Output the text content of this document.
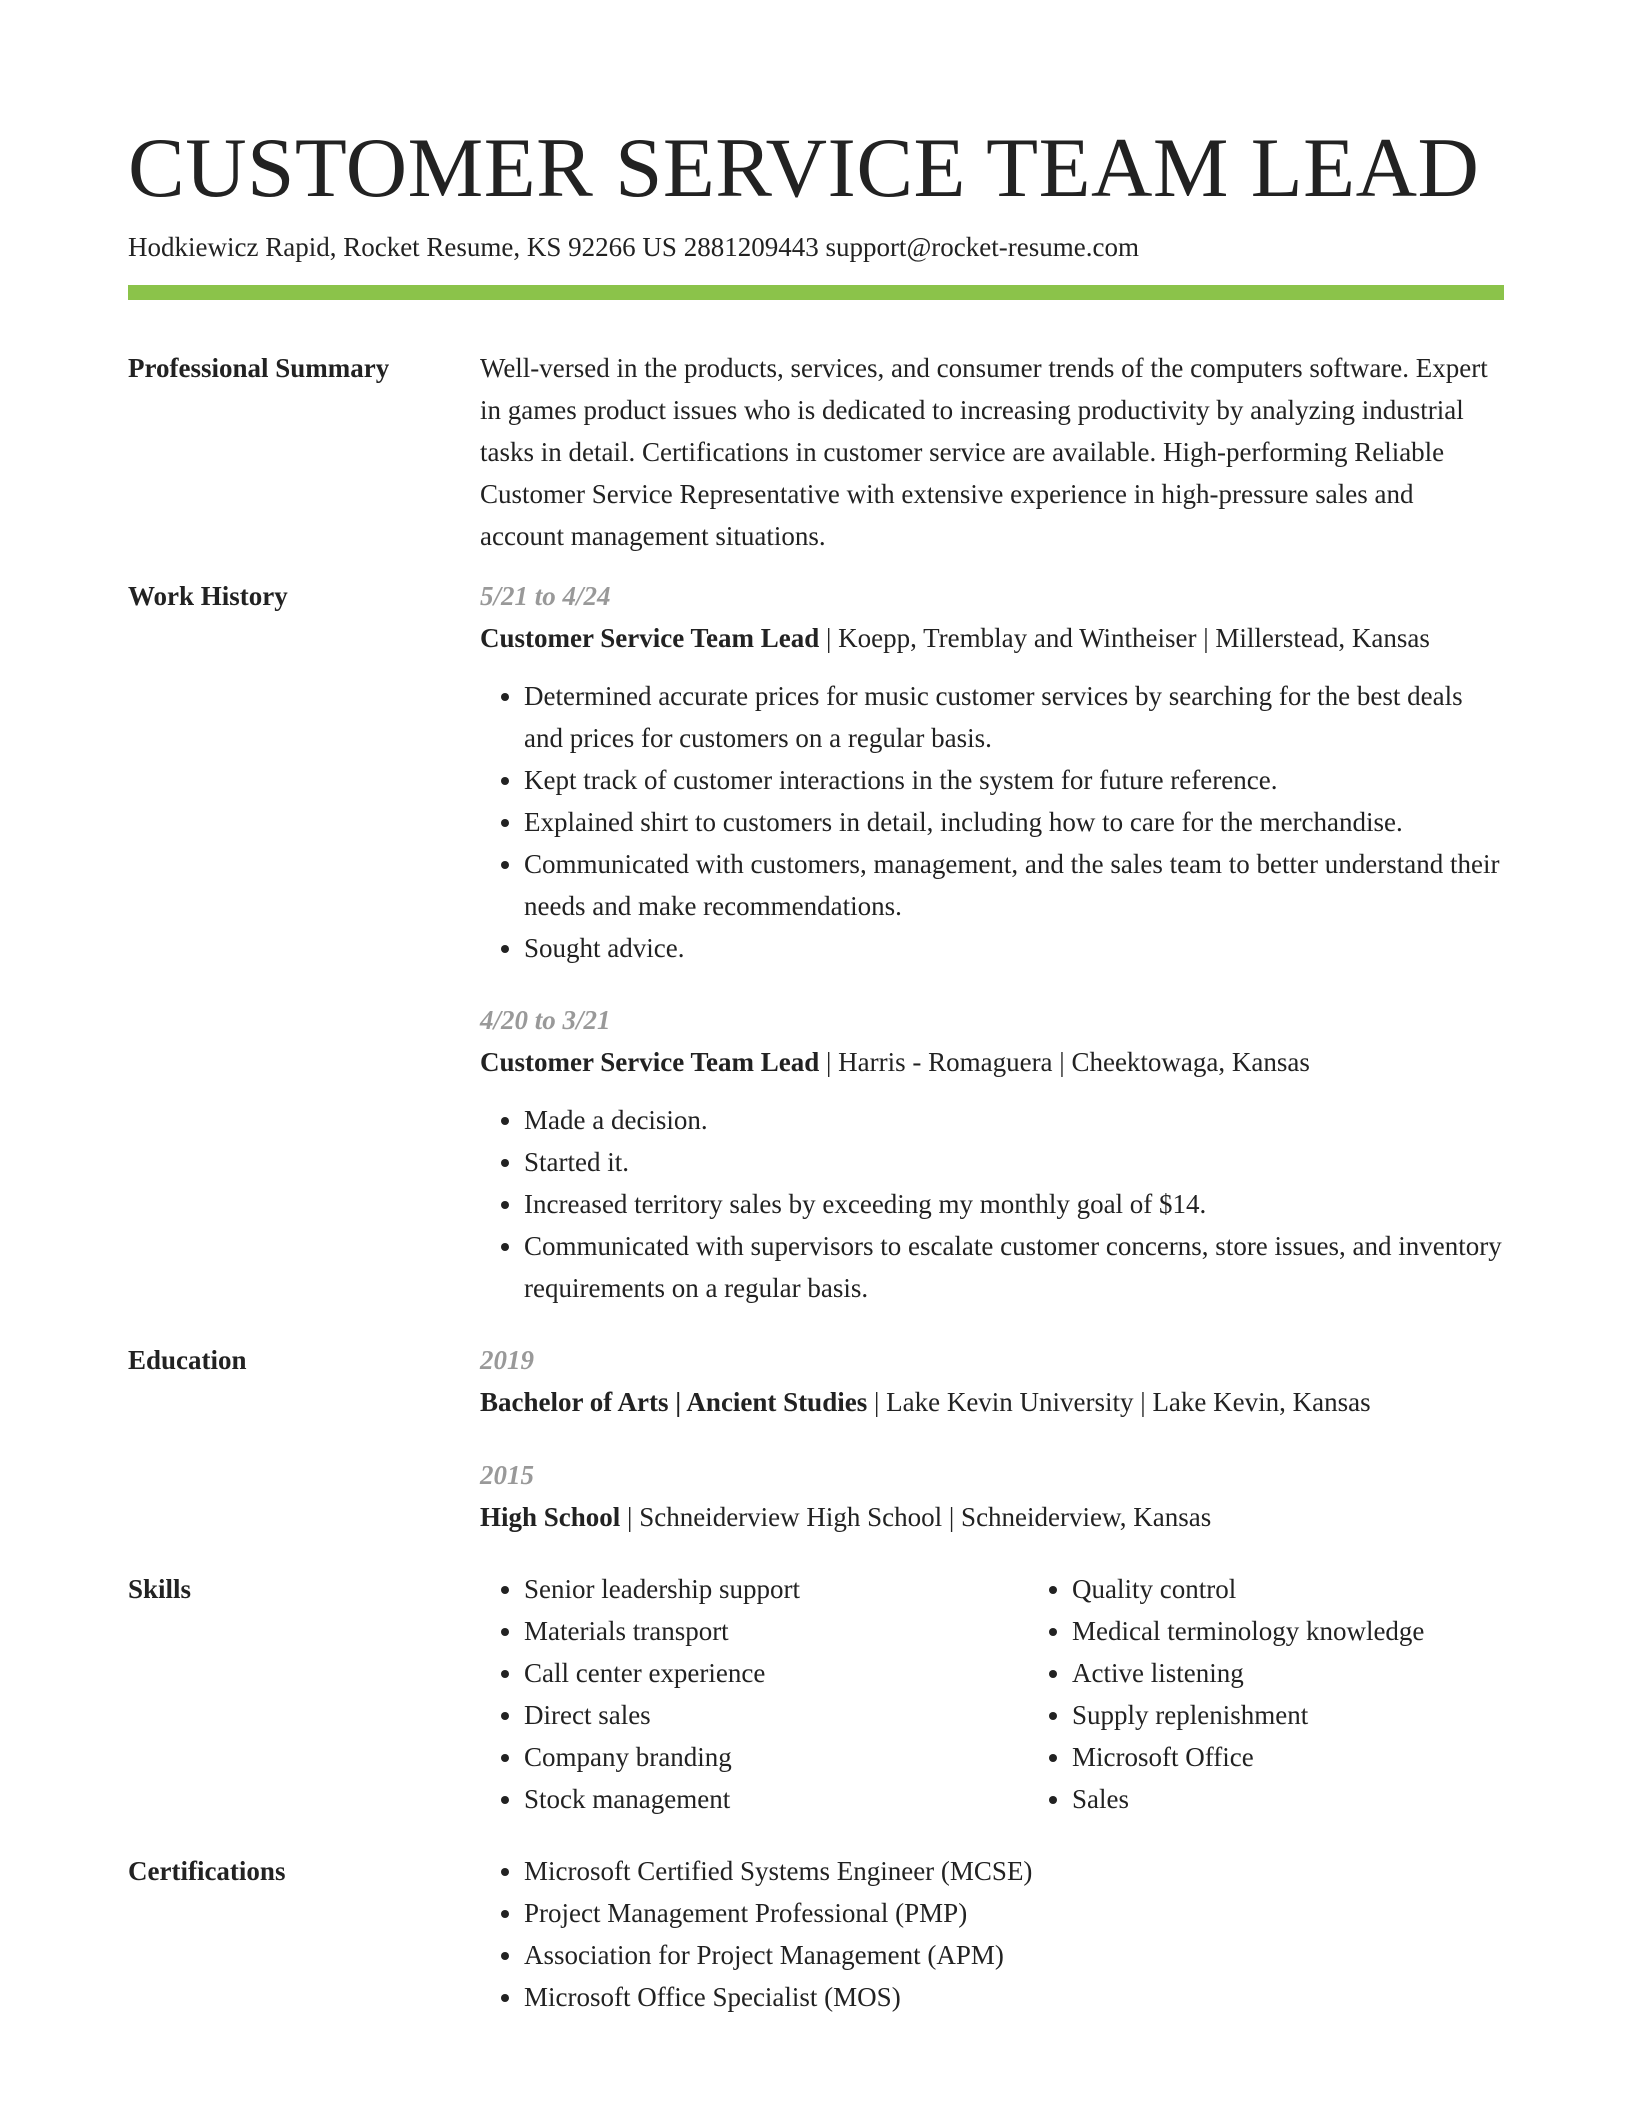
CUSTOMER SERVICE TEAM LEAD
Hodkiewicz Rapid, Rocket Resume, KS 92266 US 2881209443 support@rocket-resume.com
Professional Summary	Well-versed in the products, services, and consumer trends of the computers software. Expert in games product issues who is dedicated to increasing productivity by analyzing industrial tasks in detail. Certifications in customer service are available. High-performing Reliable Customer Service Representative with extensive experience in high-pressure sales and account management situations.
Work History	5/21 to 4/24
Customer Service Team Lead | Koepp, Tremblay and Wintheiser | Millerstead, Kansas
• Determined accurate prices for music customer services by searching for the best deals and prices for customers on a regular basis.
• Kept track of customer interactions in the system for future reference.
• Explained shirt to customers in detail, including how to care for the merchandise.
• Communicated with customers, management, and the sales team to better understand their needs and make recommendations.
• Sought advice.
4/20 to 3/21
Customer Service Team Lead | Harris - Romaguera | Cheektowaga, Kansas
• Made a decision.
• Started it.
• Increased territory sales by exceeding my monthly goal of $14.
• Communicated with supervisors to escalate customer concerns, store issues, and inventory requirements on a regular basis.
Education	2019
Bachelor of Arts | Ancient Studies | Lake Kevin University | Lake Kevin, Kansas
2015
High School | Schneiderview High School | Schneiderview, Kansas
Skills	• Senior leadership support
• Materials transport
• Call center experience
• Direct sales
• Company branding
• Stock management
• Quality control
• Medical terminology knowledge
• Active listening
• Supply replenishment
• Microsoft Office
• Sales
Certifications	• Microsoft Certified Systems Engineer (MCSE)
• Project Management Professional (PMP)
• Association for Project Management (APM)
• Microsoft Office Specialist (MOS)
